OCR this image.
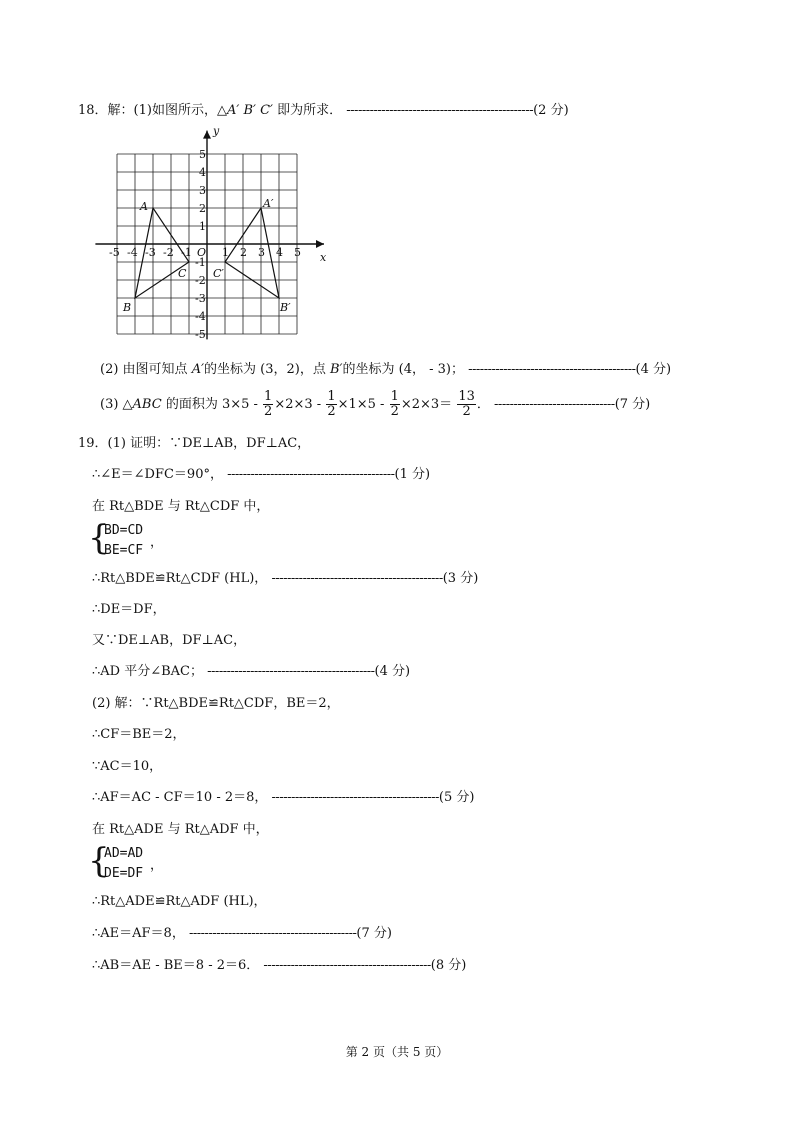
18．解：(1)如图所示，△A′ B′ C′ 即为所求． ------------------------------------------------(2 分)
-5 -4 -3 -2 -1	1 2 3 4 5
5
4
3
2
1
-1
-2
-3
-4
-5
O	x
y
A
B
C
A′
B′
C′
(2) 由图可知点 A′的坐标为 (3，2)，点 B′的坐标为 (4， ‑ 3)； -------------------------------------------(4 分)
(3) △ABC 的面积为 3×5 ‑ $\frac{1}{2} \times 2\times 3$ ‑ $\frac{1}{2} \times 1\times 5$ ‑ $\frac{1}{2} \times 2\times 3= \frac{13}{2}$ ． -------------------------------(7 分)
19．(1) 证明：∵DE⊥AB，DF⊥AC，
∴∠E＝∠DFC＝90°， -------------------------------------------(1 分)
在 Rt△BDE 与 Rt△CDF 中，
{
BD=CD
BE=CF
，
∴Rt△BDE≌Rt△CDF (HL)， --------------------------------------------(3 分)
∴DE＝DF，
又∵DE⊥AB，DF⊥AC，
∴AD 平分∠BAC； -------------------------------------------(4 分)
(2) 解：∵Rt△BDE≌Rt△CDF，BE＝2，
∴CF＝BE＝2，
∵AC＝10，
∴AF＝AC ‑ CF＝10 ‑ 2＝8， -------------------------------------------(5 分)
在 Rt△ADE 与 Rt△ADF 中，
{
AD=AD
DE=DF
，
∴Rt△ADE≌Rt△ADF (HL)，
∴AE＝AF＝8， -------------------------------------------(7 分)
∴AB＝AE ‑ BE＝8 ‑ 2＝6． -------------------------------------------(8 分)
第 2 页（共 5 页）
